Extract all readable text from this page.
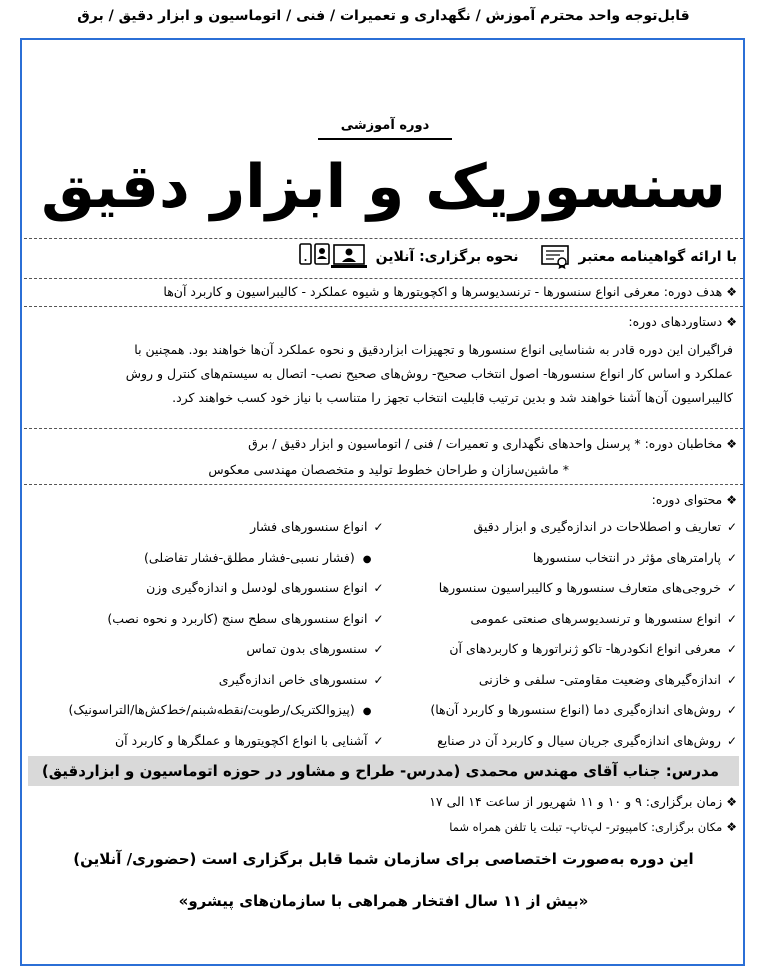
قابل‌توجه واحد محترم آموزش / نگهداری و تعمیرات / فنی / اتوماسیون و ابزار دقیق / برق
دوره آموزشی
سنسوریک و ابزار دقیق
با ارائه گواهینامه معتبر
نحوه برگزاری: آنلاین
❖هدف دوره: معرفی انواع سنسورها - ترنسدیوسرها و اکچویتورها و شیوه عملکرد - کالیبراسیون و کاربرد آن‌ها
❖دستاوردهای دوره:
فراگیران این دوره قادر به شناسایی انواع سنسورها و تجهیزات ابزاردقیق و نحوه عملکرد آن‌ها خواهند بود. همچنین با
عملکرد و اساس کار انواع سنسورها- اصول انتخاب صحیح- روش‌های صحیح نصب- اتصال به سیستم‌های کنترل و روش
کالیبراسیون آن‌ها آشنا خواهند شد و بدین ترتیب قابلیت انتخاب تجهز را متناسب با نیاز خود کسب خواهند کرد.
❖مخاطبان دوره: * پرسنل واحدهای نگهداری و تعمیرات / فنی / اتوماسیون و ابزار دقیق / برق
* ماشین‌سازان و طراحان خطوط تولید و متخصصان مهندسی معکوس
❖محتوای دوره:
✓تعاریف و اصطلاحات در اندازه‌گیری و ابزار دقیق
✓پارامترهای مؤثر در انتخاب سنسورها
✓خروجی‌های متعارف سنسورها و کالیبراسیون سنسورها
✓انواع سنسورها و ترنسدیوسرهای صنعتی عمومی
✓معرفی انواع انکودرها- تاکو ژنراتورها و کاربردهای آن
✓اندازه‌گیرهای وضعیت مقاومتی- سلفی و خازنی
✓روش‌های اندازه‌گیری دما (انواع سنسورها و کاربرد آن‌ها)
✓روش‌های اندازه‌گیری جریان سیال و کاربرد آن در صنایع
✓انواع سنسورهای فشار
●(فشار نسبی-فشار مطلق-فشار تفاضلی)
✓انواع سنسورهای لودسل و اندازه‌گیری وزن
✓انواع سنسورهای سطح سنج (کاربرد و نحوه نصب)
✓سنسورهای بدون تماس
✓سنسورهای خاص اندازه‌گیری
●(پیزوالکتریک/رطوبت/نقطه‌شبنم/خط‌کش‌ها/التراسونیک)
✓آشنایی با انواع اکچویتورها و عملگرها و کاربرد آن
مدرس: جناب آقای مهندس محمدی (مدرس- طراح و مشاور در حوزه اتوماسیون و ابزاردقیق)
❖زمان برگزاری: ۹ و ۱۰ و ۱۱ شهریور از ساعت ۱۴ الی ۱۷
❖مکان برگزاری: کامپیوتر- لپ‌تاپ- تبلت یا تلفن همراه شما
این دوره به‌صورت اختصاصی برای سازمان شما قابل برگزاری است (حضوری/ آنلاین)
«بیش از ۱۱ سال افتخار همراهی با سازمان‌های پیشرو»
